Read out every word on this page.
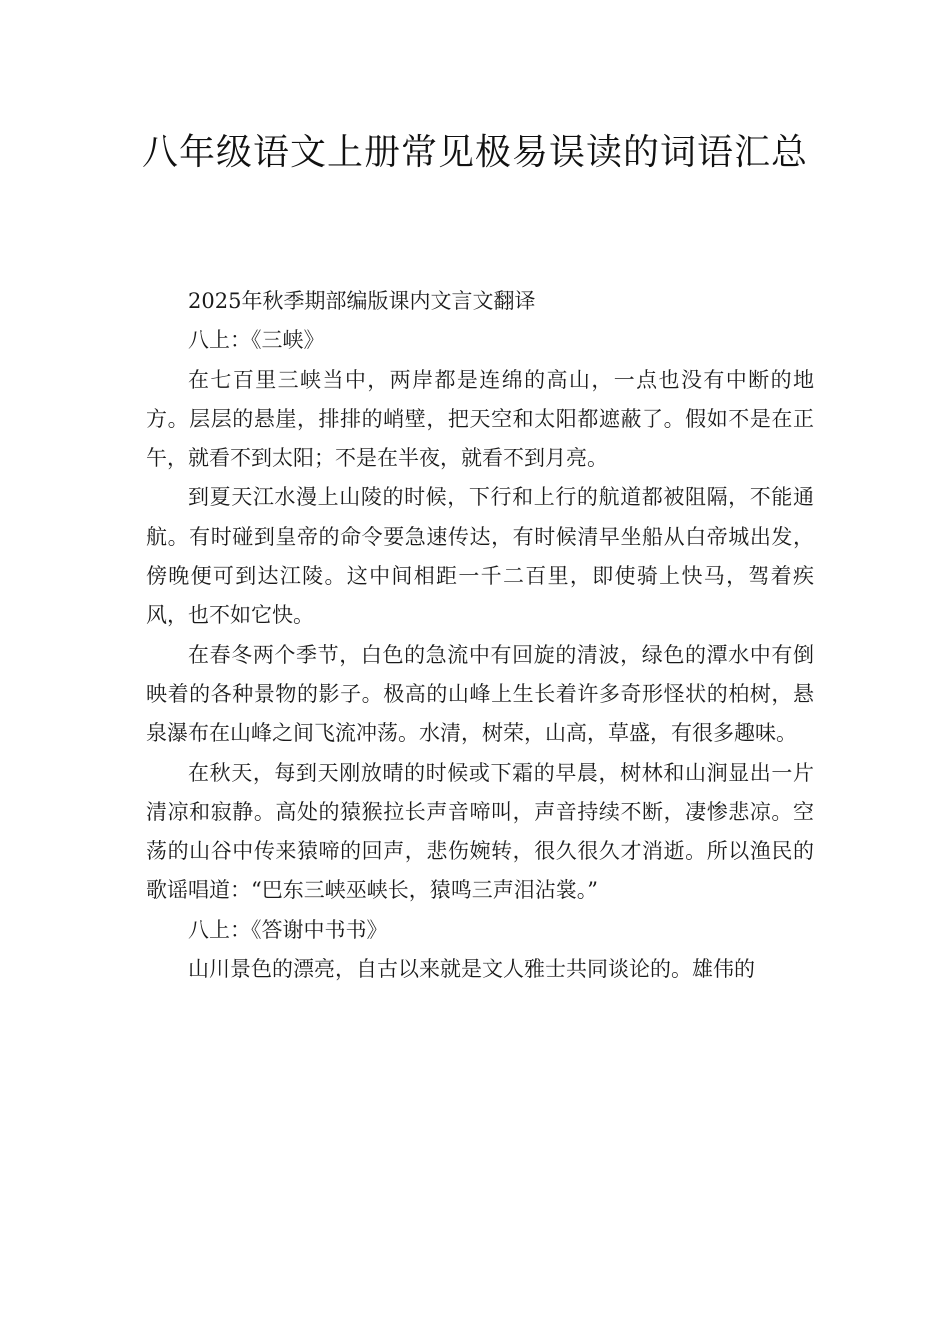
八年级语文上册常见极易误读的词语汇总

2025年秋季期部编版课内文言文翻译

八上：《三峡》

在七百里三峡当中，两岸都是连绵的高山，一点也没有中断的地方。层层的悬崖，排排的峭壁，把天空和太阳都遮蔽了。假如不是在正午，就看不到太阳；不是在半夜，就看不到月亮。

到夏天江水漫上山陵的时候，下行和上行的航道都被阻隔，不能通航。有时碰到皇帝的命令要急速传达，有时候清早坐船从白帝城出发，傍晚便可到达江陵。这中间相距一千二百里，即使骑上快马，驾着疾风，也不如它快。

在春冬两个季节，白色的急流中有回旋的清波，绿色的潭水中有倒映着的各种景物的影子。极高的山峰上生长着许多奇形怪状的柏树，悬泉瀑布在山峰之间飞流冲荡。水清，树荣，山高，草盛，有很多趣味。

在秋天，每到天刚放晴的时候或下霜的早晨，树林和山涧显出一片清凉和寂静。高处的猿猴拉长声音啼叫，声音持续不断，凄惨悲凉。空荡的山谷中传来猿啼的回声，悲伤婉转，很久很久才消逝。所以渔民的歌谣唱道：“巴东三峡巫峡长，猿鸣三声泪沾裳。”

八上：《答谢中书书》

山川景色的漂亮，自古以来就是文人雅士共同谈论的。雄伟的
